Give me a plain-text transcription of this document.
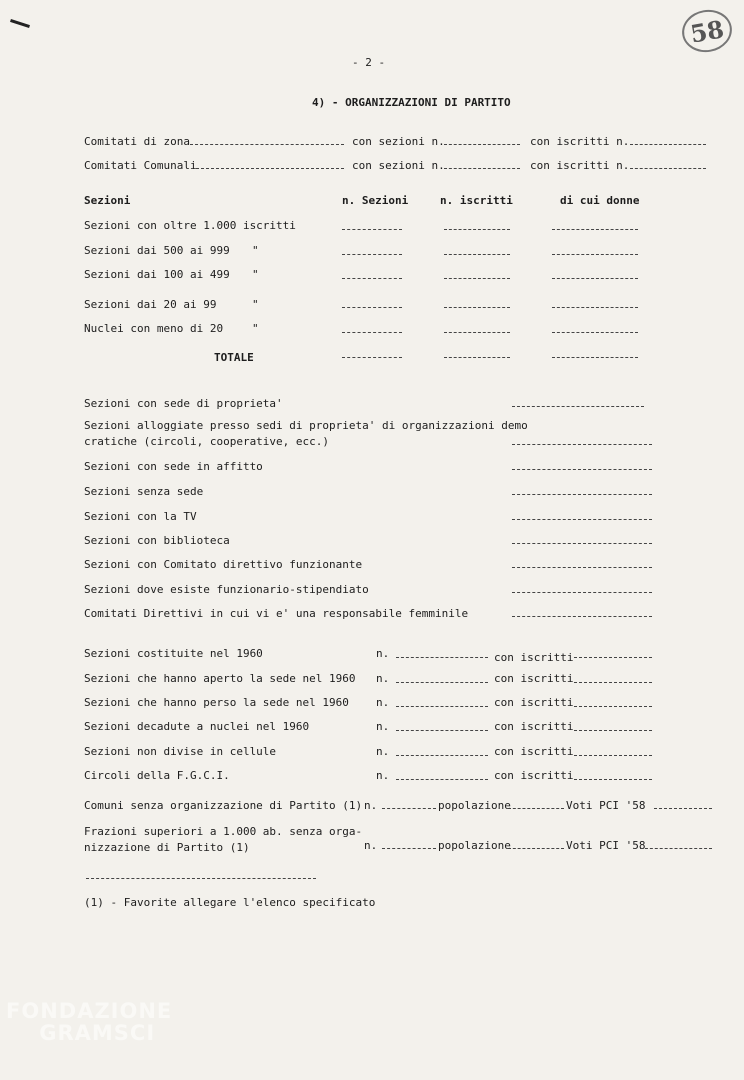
58
- 2 -
4) - ORGANIZZAZIONI DI PARTITO
Comitati di zona	con sezioni n.	con iscritti n.
Comitati Comunali	con sezioni n.	con iscritti n.
Sezioni	n. Sezioni	n. iscritti	di cui donne
Sezioni con oltre 1.000 iscritti
Sezioni dai 500 ai 999 "
Sezioni dai 100 ai 499 "
Sezioni dai 20 ai 99	"
Nuclei con meno di 20	"
TOTALE
Sezioni con sede di proprieta'
Sezioni alloggiate presso sedi di proprieta' di organizzazioni demo
cratiche (circoli, cooperative, ecc.)
Sezioni con sede in affitto
Sezioni senza sede
Sezioni con la TV
Sezioni con biblioteca
Sezioni con Comitato direttivo funzionante
Sezioni dove esiste funzionario-stipendiato
Comitati Direttivi in cui vi e' una responsabile femminile
Sezioni costituite nel 1960	n.	con iscritti
Sezioni che hanno aperto la sede nel 1960 n.	con iscritti
Sezioni che hanno perso la sede nel 1960 n.	con iscritti
Sezioni decadute a nuclei nel 1960	n.	con iscritti
Sezioni non divise in cellule	n.	con iscritti
Circoli della F.G.C.I.	n.	con iscritti
Comuni senza organizzazione di Partito (1) n.	popolazione	Voti PCI '58
Frazioni superiori a 1.000 ab. senza orga-
nizzazione di Partito (1)	n.	popolazione	Voti PCI '58
(1) - Favorite allegare l'elenco specificato
FONDAZIONE
GRAMSCI
